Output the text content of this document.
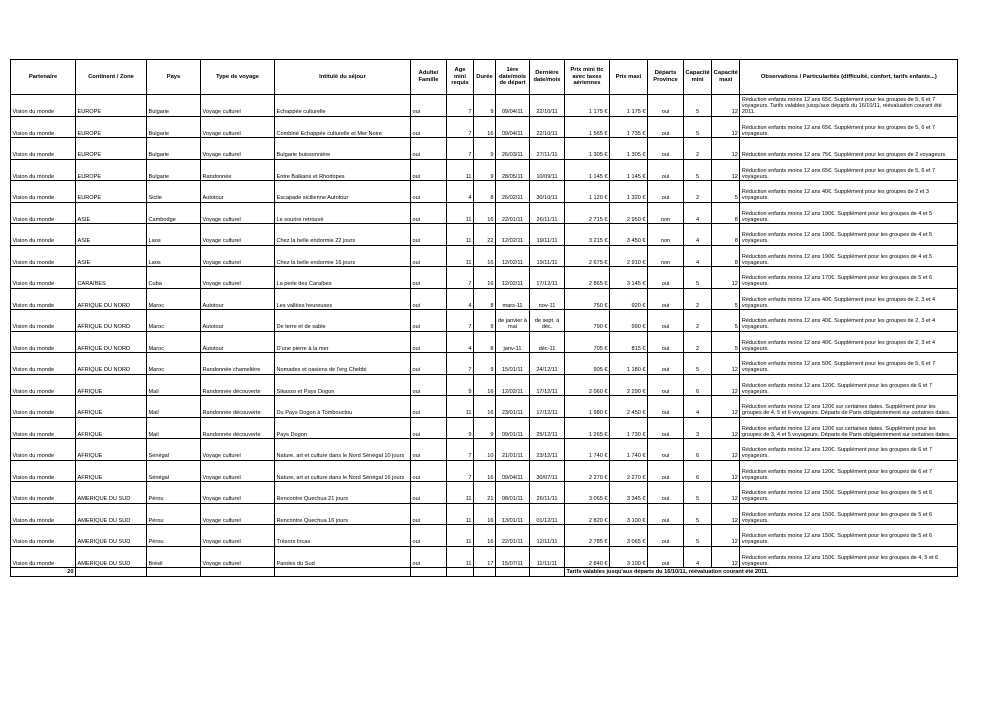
Partenaire	Continent / Zone	Pays	Type de voyage	Intitulé du séjour	Adulte/ Famille	Age mini requis	Durée	1ère date/mois de départ	Dernière date/mois	Prix mini ttc avec taxes aériennes	Prix maxi	Départs Province	Capacité mini	Capacité maxi	Observations / Particularités (difficulté, confort, tarifs enfants...)
Vision du monde	EUROPE	Bulgarie	Voyage culturel	Echappée culturelle	oui	7	9	09/04/11	22/10/11	1 175 €	1 175 €	oui	5	12	Réduction enfants moins 12 ans 65€. Supplément pour les groupes de 5, 6 et 7 voyageurs. Tarifs valables jusqu'aux départs du 16/10/11, réévaluation courant été 2011.
Vision du monde	EUROPE	Bulgarie	Voyage culturel	Combiné Echappée culturelle et Mer Noire	oui	7	16	09/04/11	22/10/11	1 565 €	1 735 €	oui	5	12	Réduction enfants moins 12 ans 65€. Supplément pour les groupes de 5, 6 et 7 voyageurs.
Vision du monde	EUROPE	Bulgarie	Voyage culturel	Bulgarie buissonnière	oui	7	9	26/03/11	27/11/11	1 305 €	1 305 €	oui	2	12	Réduction enfants moins 12 ans 75€. Supplément pour les groupes de 2 voyageurs.
Vision du monde	EUROPE	Bulgarie	Randonnée	Entre Balkans et Rhodopes	oui	11	9	28/05/11	10/09/11	1 145 €	1 145 €	oui	5	12	Réduction enfants moins 12 ans 65€. Supplément pour les groupes de 5, 6 et 7 voyageurs.
Vision du monde	EUROPE	Sicile	Autotour	Escapade sicilienne Autotour	oui	4	8	26/02/11	30/10/11	1 120 €	1 320 €	oui	2	5	Réduction enfants moins 12 ans 40€. Supplément pour les groupes de 2 et 3 voyageurs.
Vision du monde	ASIE	Cambodge	Voyage culturel	Le sourire retrouvé	oui	11	16	22/01/11	26/11/11	2 715 €	2 950 €	non	4	8	Réduction enfants moins 12 ans 190€. Supplément pour les groupes de 4 et 5 voyageurs.
Vision du monde	ASIE	Laos	Voyage culturel	Chez la belle endormie 22 jours	oui	11	22	12/02/11	19/11/11	3 215 €	3 450 €	non	4	8	Réduction enfants moins 12 ans 190€. Supplément pour les groupes de 4 et 5 voyageurs.
Vision du monde	ASIE	Laos	Voyage culturel	Chez la belle endormie 16 jours	oui	11	16	12/02/11	19/11/11	2 675 €	2 910 €	non	4	8	Réduction enfants moins 12 ans 190€. Supplément pour les groupes de 4 et 5 voyageurs.
Vision du monde	CARAIBES	Cuba	Voyage culturel	La perle des Caraïbes	oui	7	16	12/02/11	17/12/11	2 865 €	3 145 €	oui	5	12	Réduction enfants moins 12 ans 170€. Supplément pour les groupes de 5 et 6 voyageurs.
Vision du monde	AFRIQUE DU NORD	Maroc	Autotour	Les vallées heureuses	oui	4	8	mars-11	nov-11	750 €	920 €	oui	2	5	Réduction enfants moins 12 ans 40€. Supplément pour les groupes de 2, 3 et 4 voyageurs.
Vision du monde	AFRIQUE DU NORD	Maroc	Autotour	De terre et de sable	oui	7	9	de janvier à mai	de sept. à déc.	790 €	990 €	oui	2	5	Réduction enfants moins 12 ans 40€. Supplément pour les groupes de 2, 3 et 4 voyageurs.
Vision du monde	AFRIQUE DU NORD	Maroc	Autotour	D'une pierre à la mer	oui	4	8	janv-11	déc-11	705 €	815 €	oui	2	5	Réduction enfants moins 12 ans 40€. Supplément pour les groupes de 2, 3 et 4 voyageurs.
Vision du monde	AFRIQUE DU NORD	Maroc	Randonnée chamelière	Nomades et oasiens de l'erg Chebbi	oui	7	9	15/01/11	24/12/11	905 €	1 180 €	oui	5	12	Réduction enfants moins 12 ans 50€. Supplément pour les groupes de 5, 6 et 7 voyageurs.
Vision du monde	AFRIQUE	Mali	Randonnée découverte	Sikasso et Pays Dogon	oui	9	16	12/02/11	17/12/11	2 060 €	2 290 €	oui	6	12	Réduction enfants moins 12 ans 120€. Supplément pour les groupes de 6 et 7 voyageurs.
Vision du monde	AFRIQUE	Mali	Randonnée découverte	Du Pays Dogon à Tombouctou	oui	11	16	23/01/11	17/12/11	1 980 €	2 450 €	oui	4	12	Réduction enfants moins 12 ans 120€ sur certaines dates. Supplément pour les groupes de 4, 5 et 6 voyageurs. Départs de Paris obligatoirement sur certaines dates.
Vision du monde	AFRIQUE	Mali	Randonnée découverte	Pays Dogon	oui	9	9	09/01/11	25/12/11	1 265 €	1 730 €	oui	3	12	Réduction enfants moins 12 ans 120€ sur certaines dates. Supplément pour les groupes de 3, 4 et 5 voyageurs. Départs de Paris obligatoirement sur certaines dates.
Vision du monde	AFRIQUE	Sénégal	Voyage culturel	Nature, art et culture dans le Nord Sénégal 10 jours	oui	7	10	21/01/11	23/12/11	1 740 €	1 740 €	oui	6	12	Réduction enfants moins 12 ans 120€. Supplément pour les groupes de 6 et 7 voyageurs.
Vision du monde	AFRIQUE	Sénégal	Voyage culturel	Nature, art et culture dans le Nord Sénégal 16 jours	oui	7	16	09/04/11	30/07/11	2 270 €	2 270 €	oui	6	12	Réduction enfants moins 12 ans 120€. Supplément pour les groupes de 6 et 7 voyageurs.
Vision du monde	AMERIQUE DU SUD	Pérou	Voyage culturel	Rencontre Quechua 21 jours	oui	11	21	08/01/11	26/11/11	3 065 €	3 345 €	oui	5	12	Réduction enfants moins 12 ans 150€. Supplément pour les groupes de 5 et 6 voyageurs.
Vision du monde	AMERIQUE DU SUD	Pérou	Voyage culturel	Rencontre Quechua 16 jours	oui	11	16	13/01/11	01/12/11	2 820 €	3 100 €	oui	5	12	Réduction enfants moins 12 ans 150€. Supplément pour les groupes de 5 et 6 voyageurs.
Vision du monde	AMERIQUE DU SUD	Pérou	Voyage culturel	Trésors Incas	oui	11	16	22/01/11	12/11/11	2 785 €	3 065 €	oui	5	12	Réduction enfants moins 12 ans 150€. Supplément pour les groupes de 5 et 6 voyageurs.
Vision du monde	AMERIQUE DU SUD	Brésil	Voyage culturel	Paroles du Sud	oui	11	17	15/07/11	11/11/11	2 840 €	3 100 €	oui	4	12	Réduction enfants moins 12 ans 150€. Supplément pour les groupes de 4, 5 et 6 voyageurs.
20										Tarifs valables jusqu'aux départs du 16/10/11, réévaluation courant été 2011.					
